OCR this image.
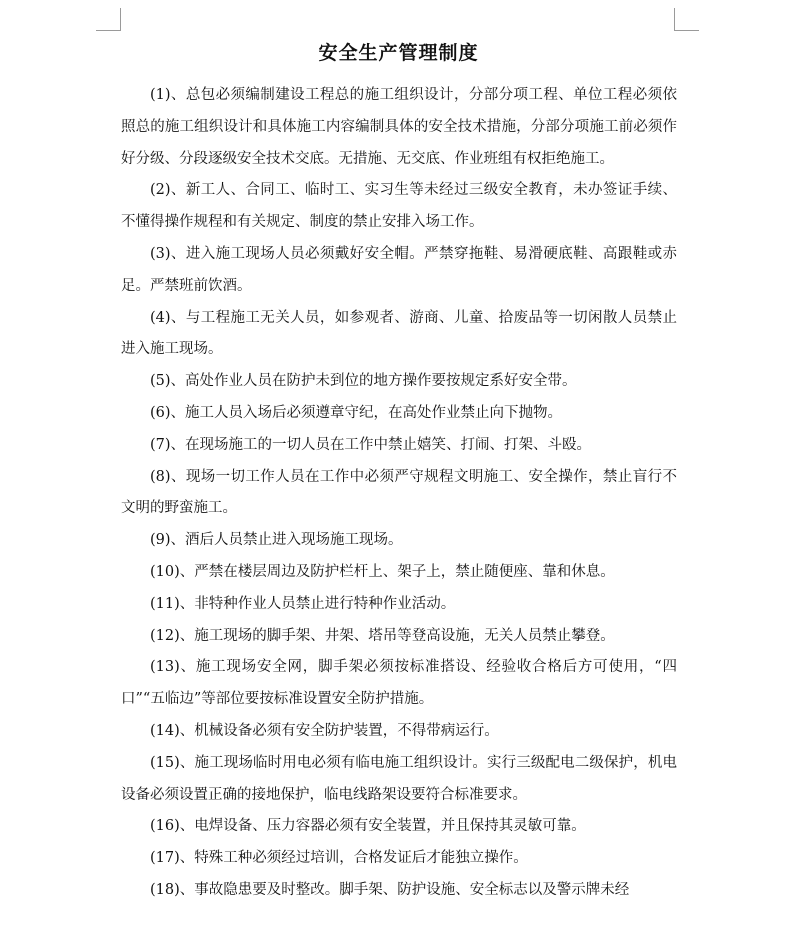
安全生产管理制度

(1)、总包必须编制建设工程总的施工组织设计，分部分项工程、单位工程必须依照总的施工组织设计和具体施工内容编制具体的安全技术措施，分部分项施工前必须作好分级、分段逐级安全技术交底。无措施、无交底、作业班组有权拒绝施工。

(2)、新工人、合同工、临时工、实习生等未经过三级安全教育，未办签证手续、不懂得操作规程和有关规定、制度的禁止安排入场工作。

(3)、进入施工现场人员必须戴好安全帽。严禁穿拖鞋、易滑硬底鞋、高跟鞋或赤足。严禁班前饮酒。

(4)、与工程施工无关人员，如参观者、游商、儿童、拾废品等一切闲散人员禁止进入施工现场。

(5)、高处作业人员在防护未到位的地方操作要按规定系好安全带。

(6)、施工人员入场后必须遵章守纪，在高处作业禁止向下抛物。

(7)、在现场施工的一切人员在工作中禁止嬉笑、打闹、打架、斗殴。

(8)、现场一切工作人员在工作中必须严守规程文明施工、安全操作，禁止盲行不文明的野蛮施工。

(9)、酒后人员禁止进入现场施工现场。

(10)、严禁在楼层周边及防护栏杆上、架子上，禁止随便座、靠和休息。

(11)、非特种作业人员禁止进行特种作业活动。

(12)、施工现场的脚手架、井架、塔吊等登高设施，无关人员禁止攀登。

(13)、施工现场安全网，脚手架必须按标准搭设、经验收合格后方可使用，“四口”“五临边”等部位要按标准设置安全防护措施。

(14)、机械设备必须有安全防护装置，不得带病运行。

(15)、施工现场临时用电必须有临电施工组织设计。实行三级配电二级保护，机电设备必须设置正确的接地保护，临电线路架设要符合标准要求。

(16)、电焊设备、压力容器必须有安全装置，并且保持其灵敏可靠。

(17)、特殊工种必须经过培训，合格发证后才能独立操作。

(18)、事故隐患要及时整改。脚手架、防护设施、安全标志以及警示牌未经
